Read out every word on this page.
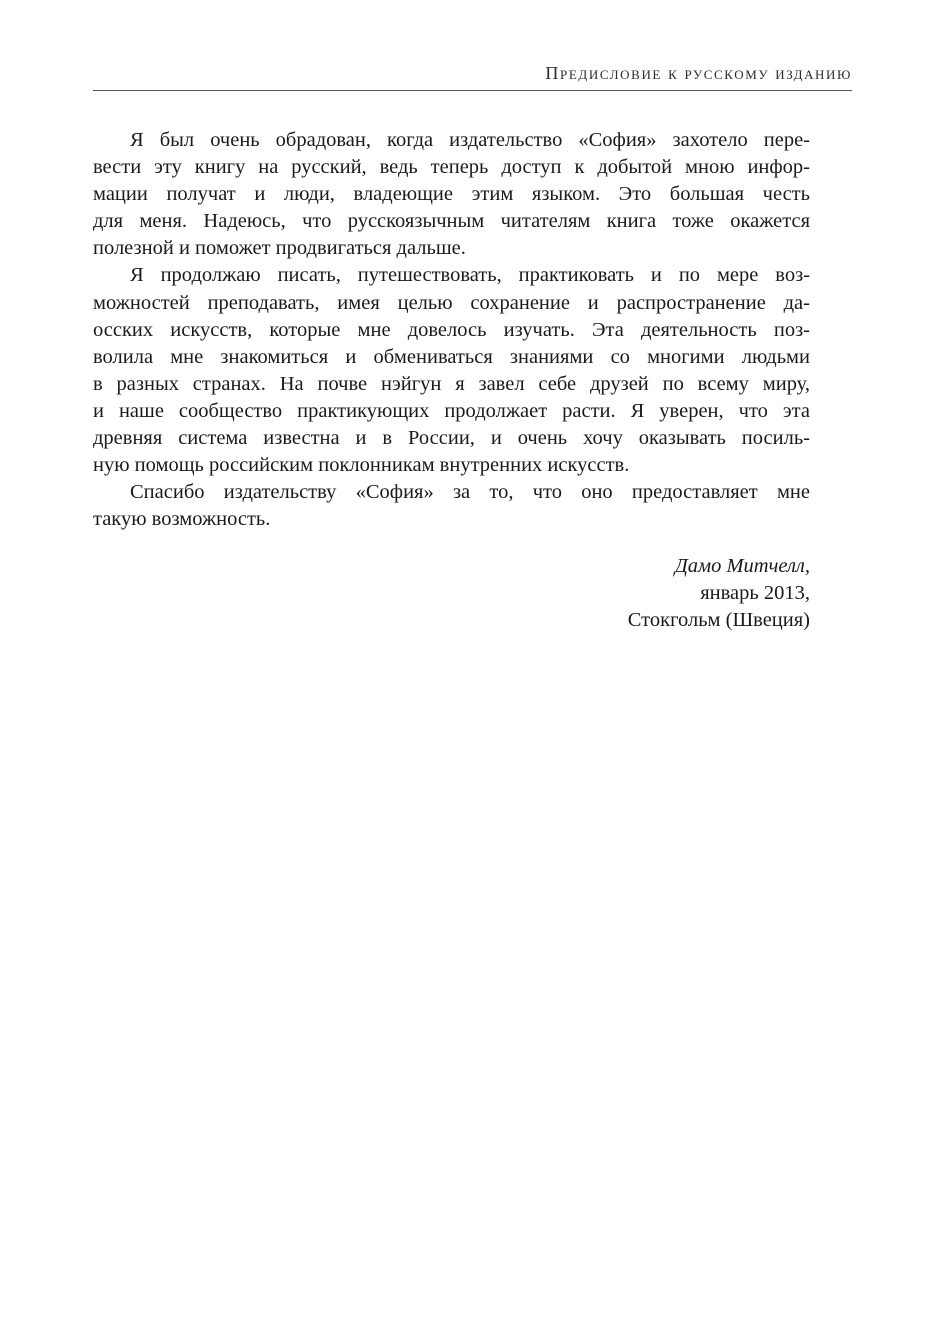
Предисловие к русскому изданию
Я был очень обрадован, когда издательство «София» захотело пере-
вести эту книгу на русский, ведь теперь доступ к добытой мною инфор-
мации получат и люди, владеющие этим языком. Это большая честь
для меня. Надеюсь, что русскоязычным читателям книга тоже окажется
полезной и поможет продвигаться дальше.
Я продолжаю писать, путешествовать, практиковать и по мере воз-
можностей преподавать, имея целью сохранение и распространение да-
осских искусств, которые мне довелось изучать. Эта деятельность поз-
волила мне знакомиться и обмениваться знаниями со многими людьми
в разных странах. На почве нэйгун я завел себе друзей по всему миру,
и наше сообщество практикующих продолжает расти. Я уверен, что эта
древняя система известна и в России, и очень хочу оказывать посиль-
ную помощь российским поклонникам внутренних искусств.
Спасибо издательству «София» за то, что оно предоставляет мне
такую возможность.
Дамо Митчелл,
январь 2013,
Стокгольм (Швеция)
